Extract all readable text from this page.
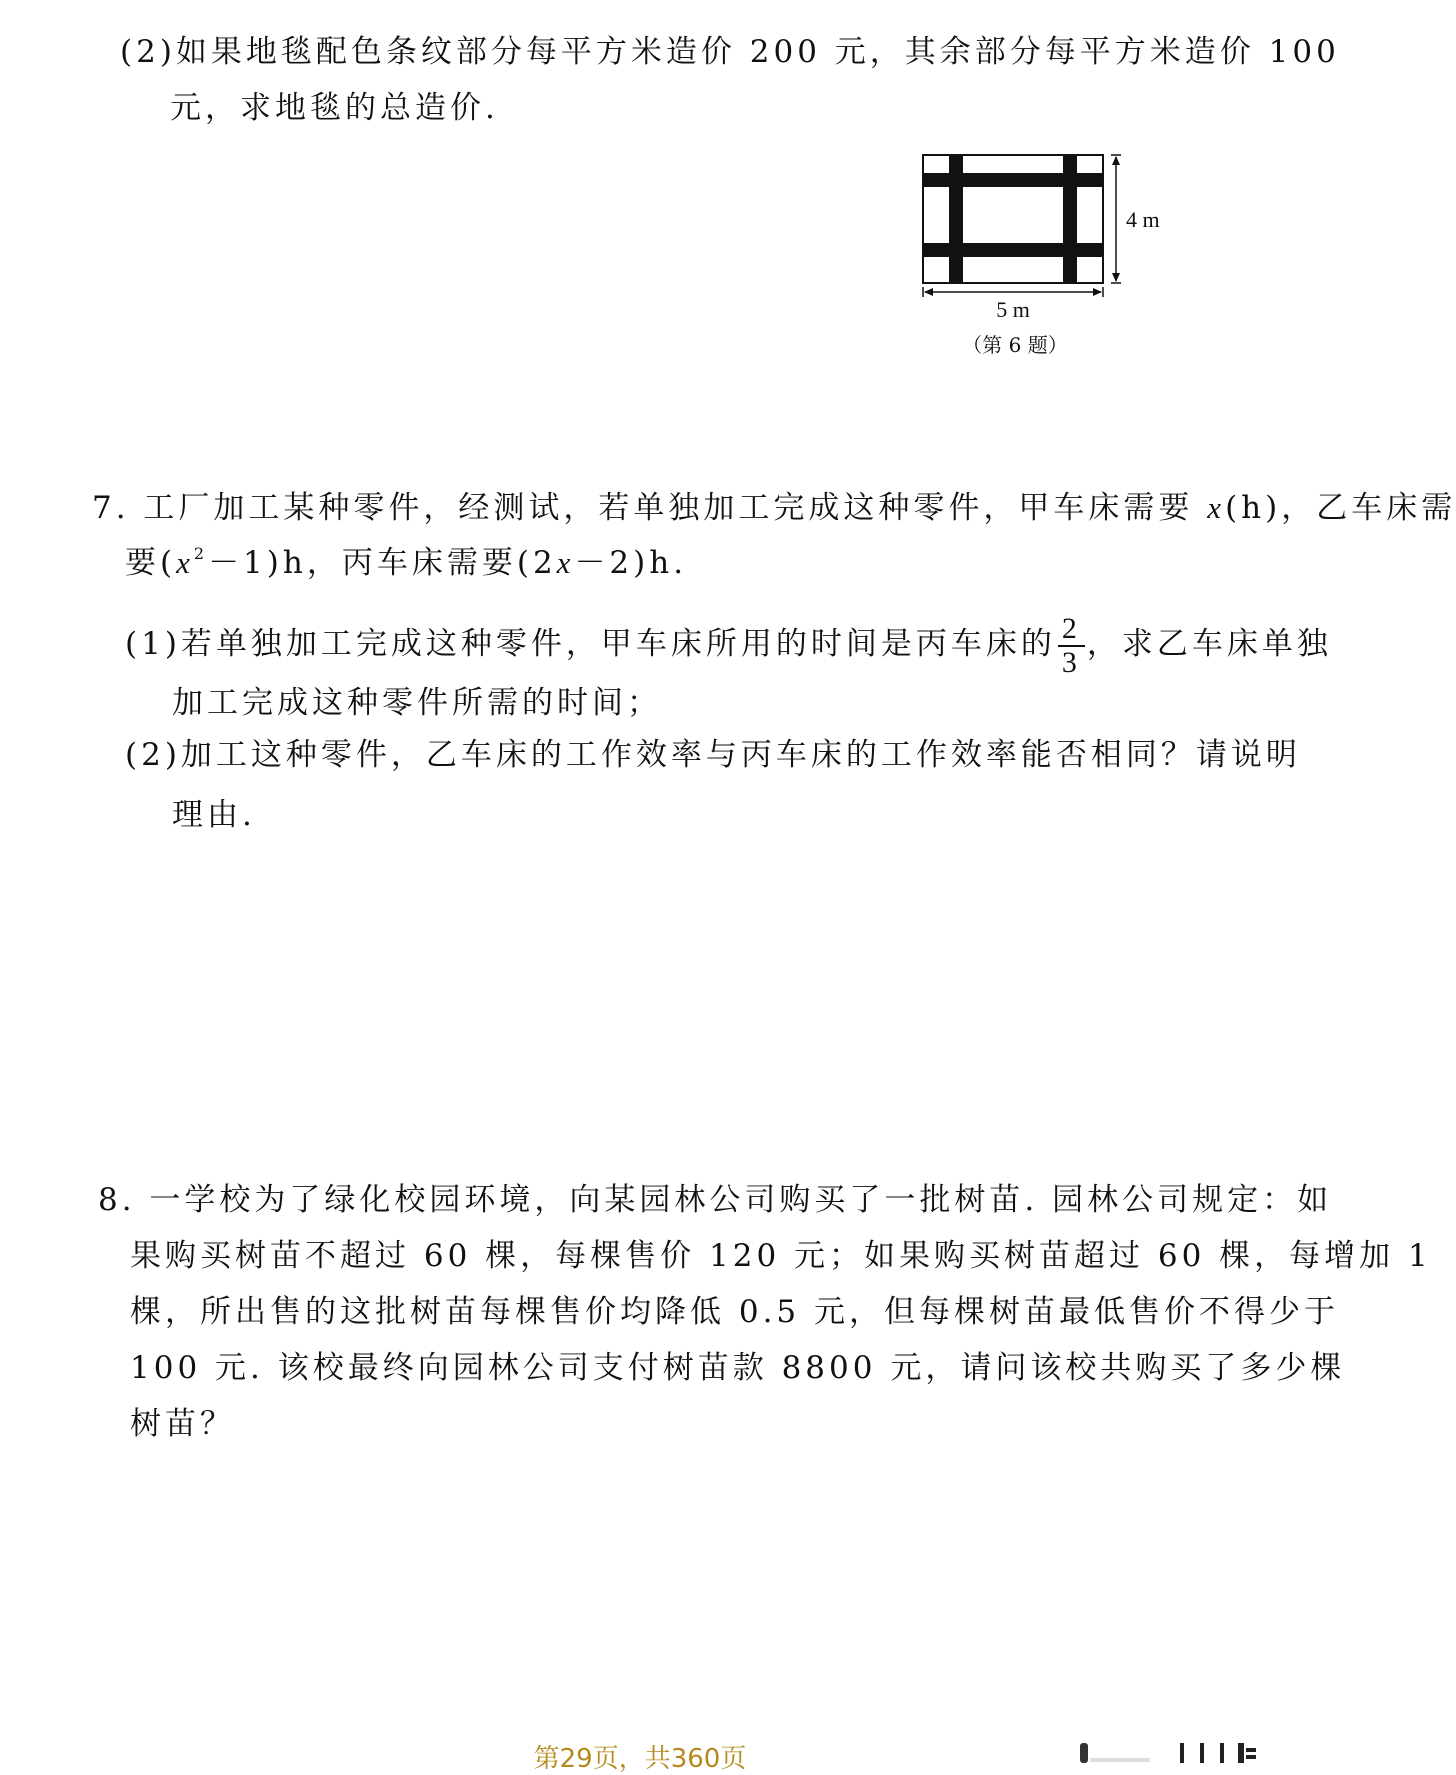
(2)如果地毯配色条纹部分每平方米造价 200 元，其余部分每平方米造价 100
元，求地毯的总造价.
4 m
5 m
（第 6 题）
7. 工厂加工某种零件，经测试，若单独加工完成这种零件，甲车床需要 x(h)，乙车床需
要$(x^2-1)h$，丙车床需要(2x－2)h.
(1)若单独加工完成这种零件，甲车床所用的时间是丙车床的 $\frac{2}{3}$ ，求乙车床单独
加工完成这种零件所需的时间；
(2)加工这种零件，乙车床的工作效率与丙车床的工作效率能否相同？请说明
理由.
8. 一学校为了绿化校园环境，向某园林公司购买了一批树苗. 园林公司规定：如
果购买树苗不超过 60 棵，每棵售价 120 元；如果购买树苗超过 60 棵，每增加 1
棵，所出售的这批树苗每棵售价均降低 0.5 元，但每棵树苗最低售价不得少于
100 元. 该校最终向园林公司支付树苗款 8800 元，请问该校共购买了多少棵
树苗？
第29页，共360页
